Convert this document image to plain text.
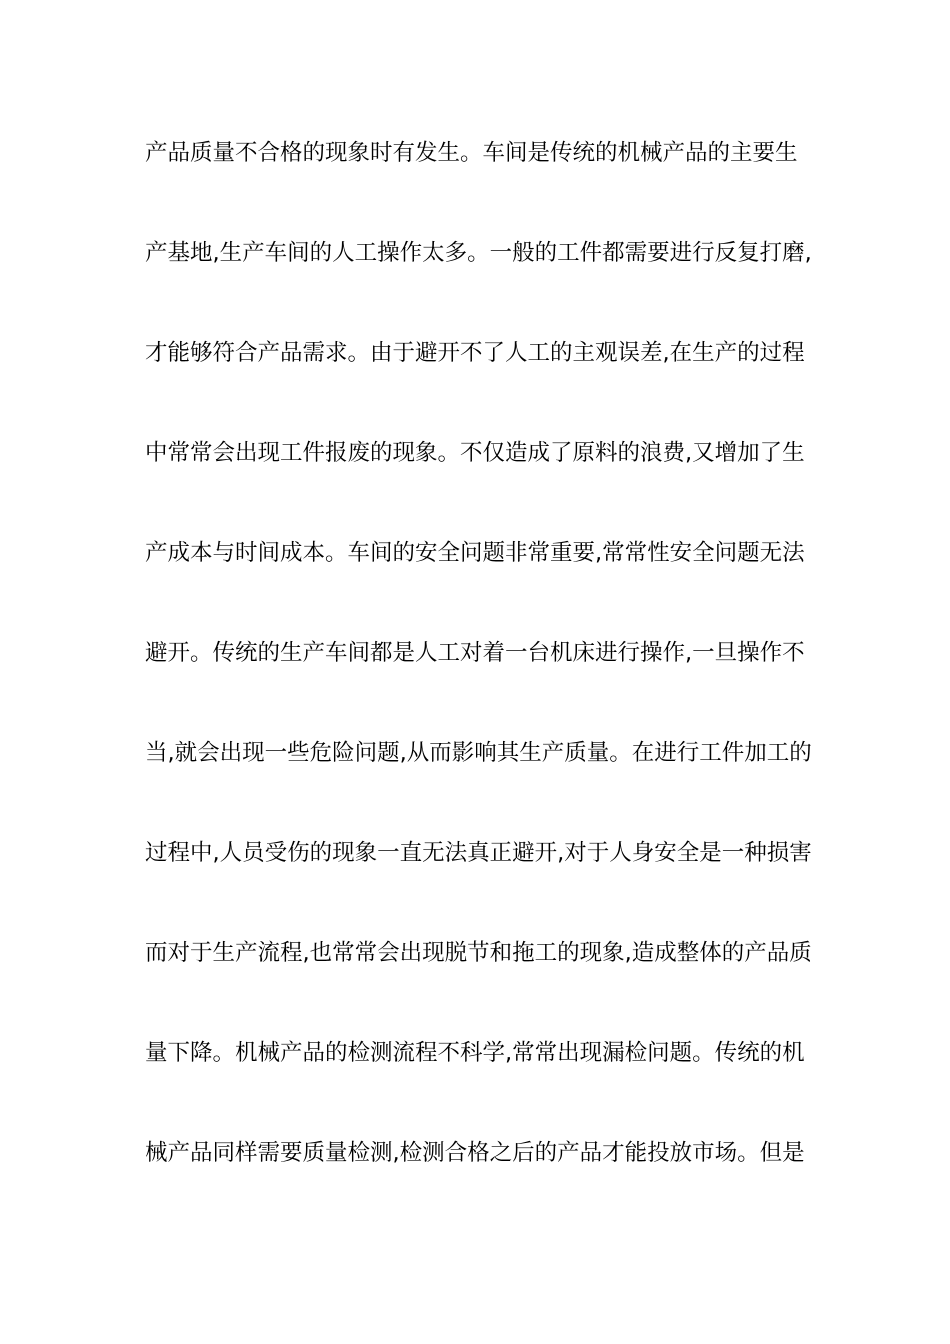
产品质量不合格的现象时有发生。车间是传统的机械产品的主要生
产基地,生产车间的人工操作太多。一般的工件都需要进行反复打磨,
才能够符合产品需求。由于避开不了人工的主观误差,在生产的过程
中常常会出现工件报废的现象。不仅造成了原料的浪费,又增加了生
产成本与时间成本。车间的安全问题非常重要,常常性安全问题无法
避开。传统的生产车间都是人工对着一台机床进行操作,一旦操作不
当,就会出现一些危险问题,从而影响其生产质量。在进行工件加工的
过程中,人员受伤的现象一直无法真正避开,对于人身安全是一种损害
而对于生产流程,也常常会出现脱节和拖工的现象,造成整体的产品质
量下降。机械产品的检测流程不科学,常常出现漏检问题。传统的机
械产品同样需要质量检测,检测合格之后的产品才能投放市场。但是
